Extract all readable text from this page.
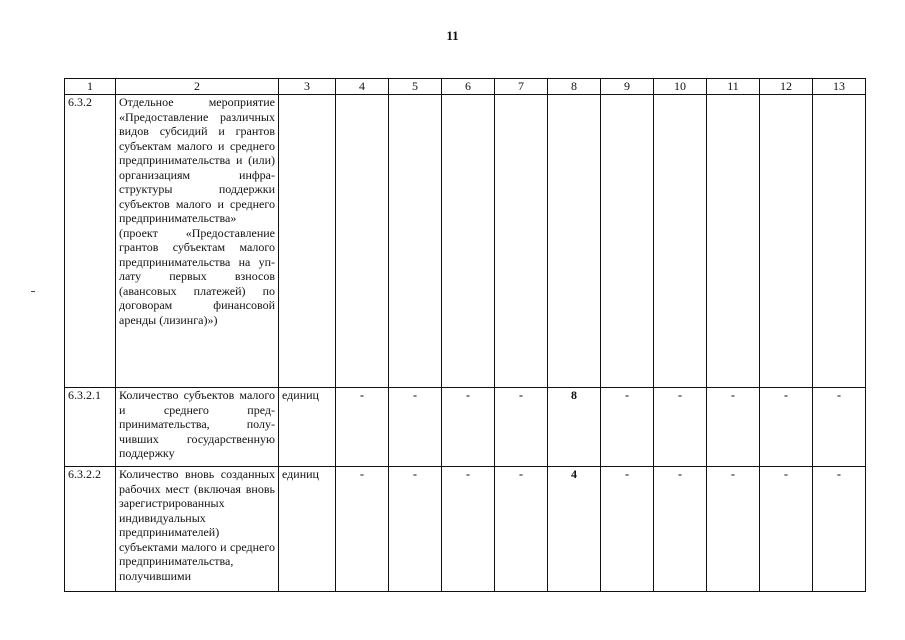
11
1	2	3	4	5	6	7	8	9	10	11	12	13
6.3.2	Отдельное мероприятие «Предоставление различных видов субсидий и грантов субъектам малого и среднего предпринимательства и (или) организациям инфраструктуры поддержки субъектов малого и среднего предпринимательства» (проект «Предоставление грантов субъектам малого предпринимательства на уплату первых взносов (авансовых платежей) по договорам финансовой аренды (лизинга)»)											
6.3.2.1	Количество субъектов малого и среднего предпринимательства, получивших государственную поддержку	единиц	-	-	-	-	8	-	-	-	-	-
6.3.2.2	Количество вновь созданных рабочих мест (включая вновь зарегистрированных индивидуальных предпринимателей) субъектами малого и среднего предпринимательства, получившими	единиц	-	-	-	-	4	-	-	-	-	-
